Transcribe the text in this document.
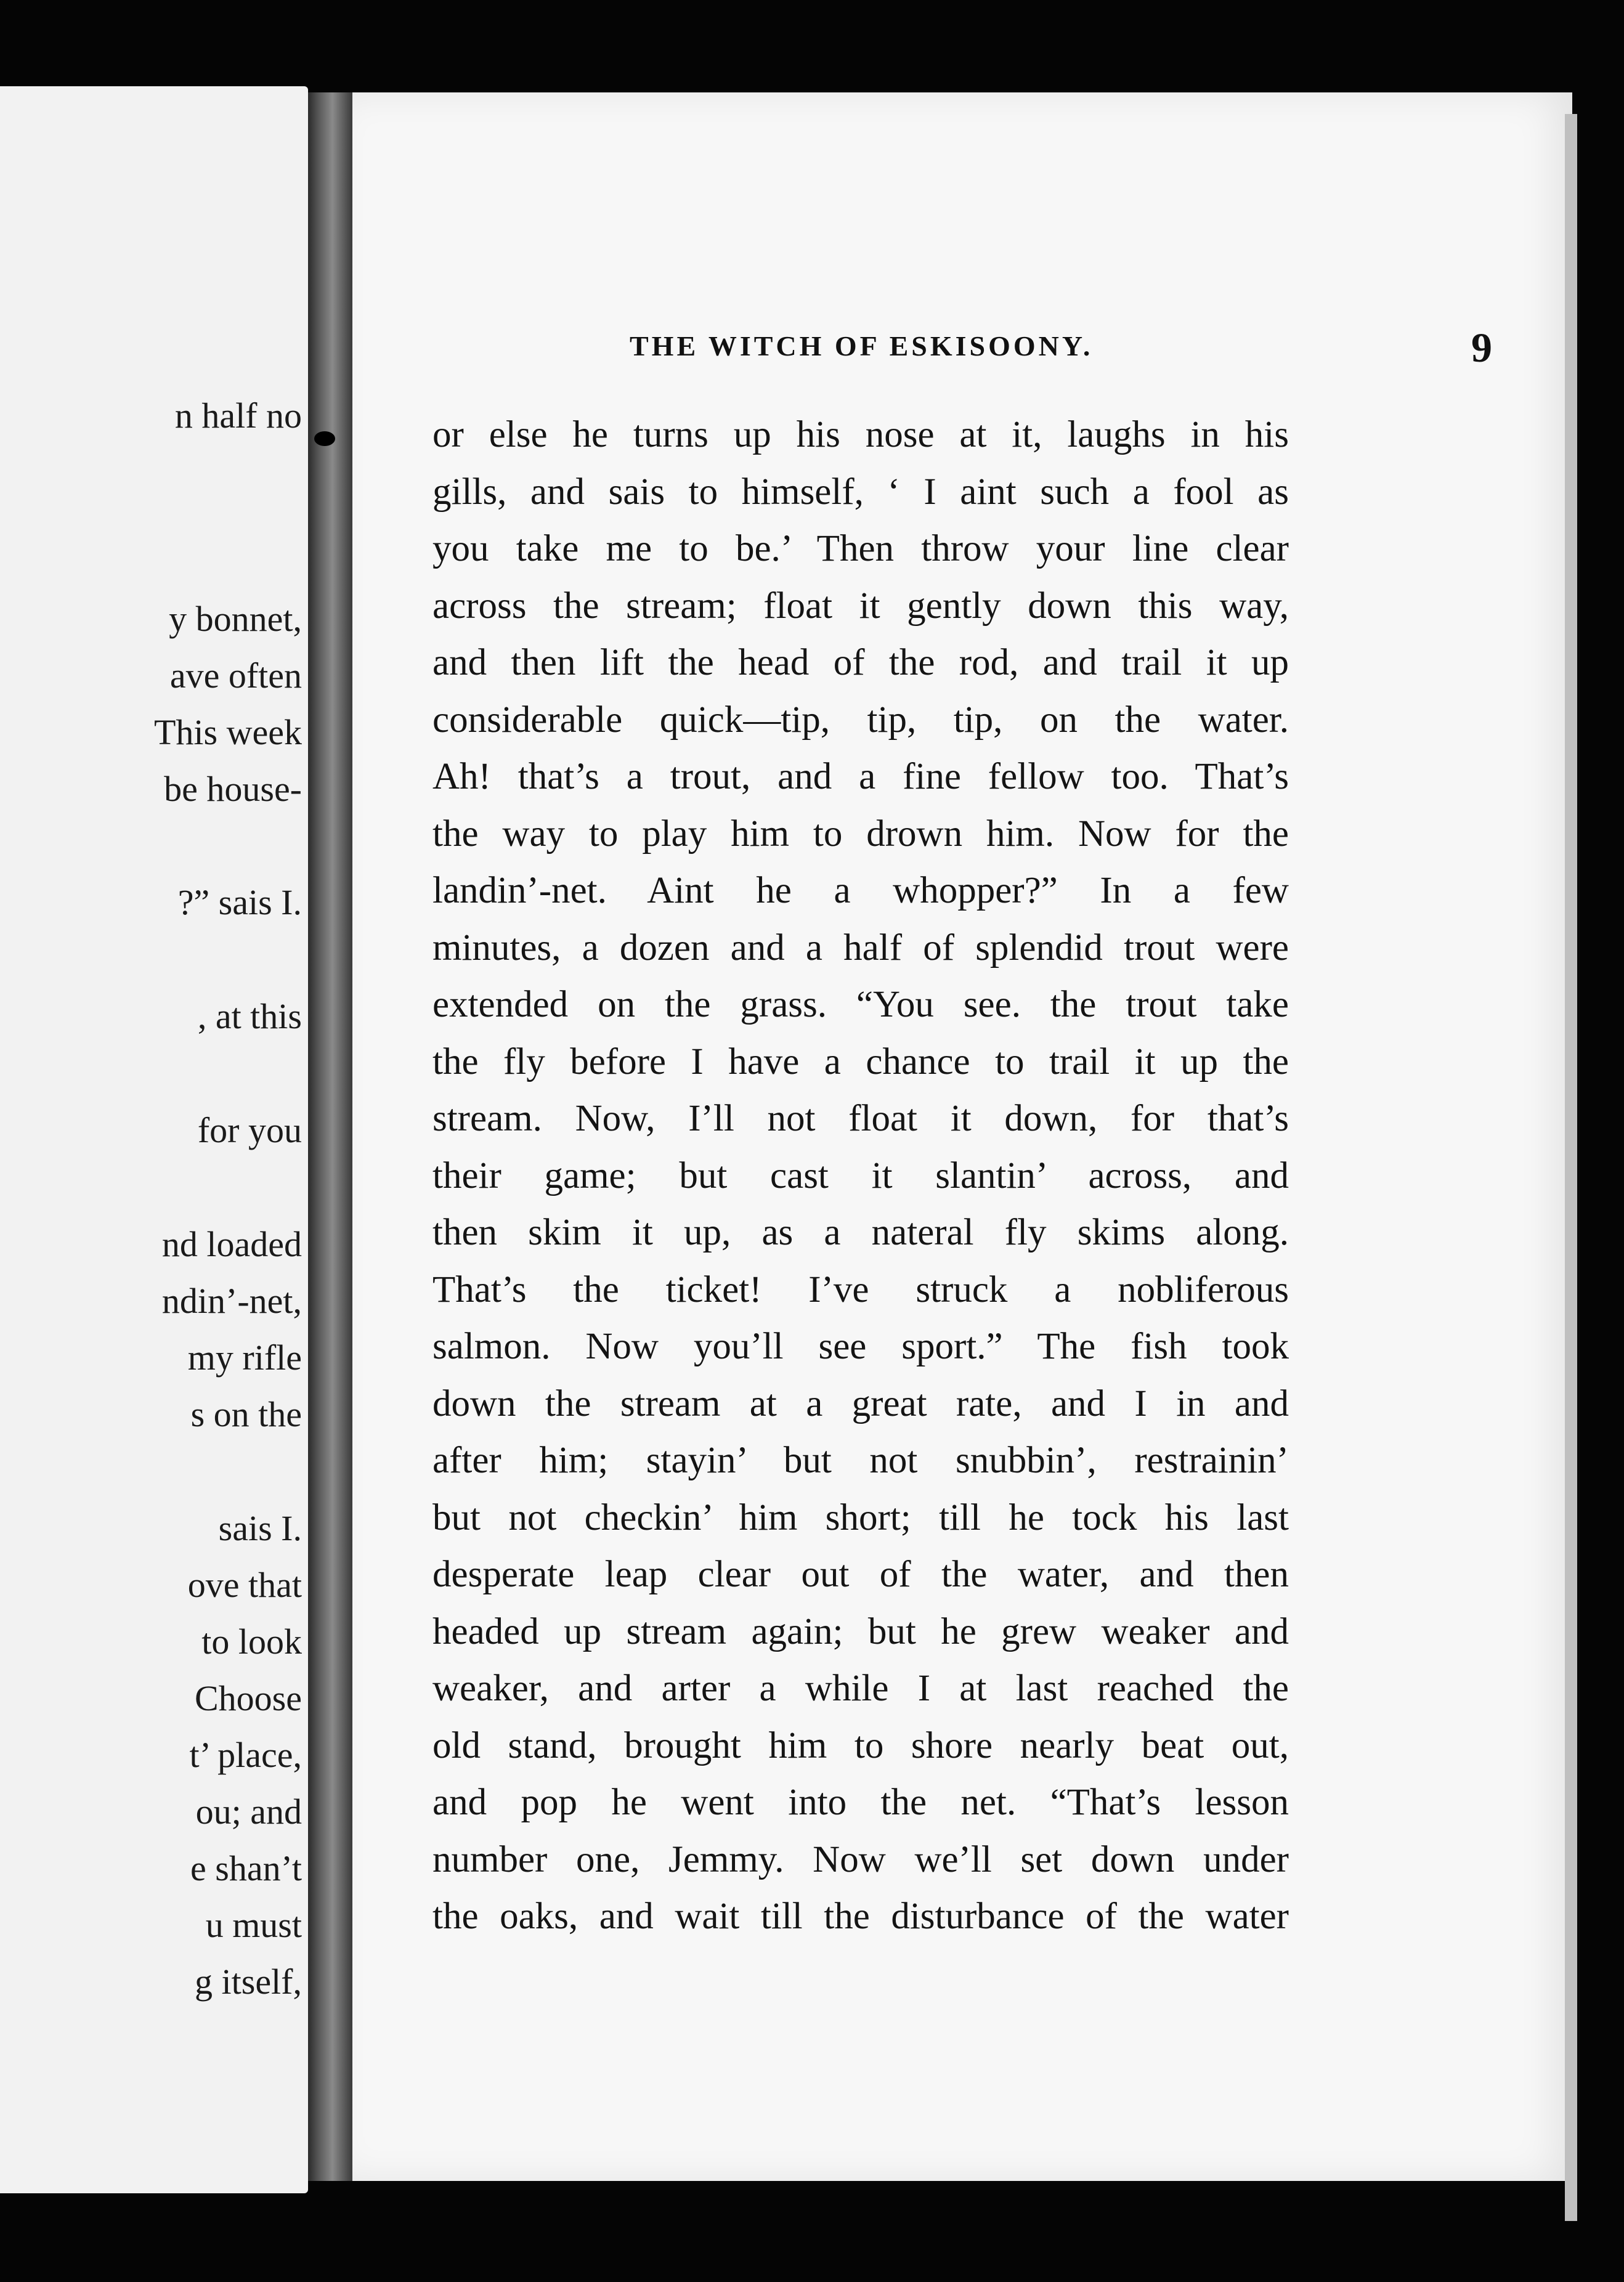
n half no
y bonnet,
ave often
This week
be house-
?” sais I.
, at this
for you
nd loaded
ndin’-net,
my rifle
s on the
sais I.
ove that
to look
Choose
t’ place,
ou; and
e shan’t
u must
g itself,
THE WITCH OF ESKISOONY.	9
or else he turns up his nose at it, laughs in his
gills, and sais to himself, ‘ I aint such a fool as
you take me to be.’ Then throw your line clear
across the stream; float it gently down this way,
and then lift the head of the rod, and trail it up
considerable quick—tip, tip, tip, on the water.
Ah! that’s a trout, and a fine fellow too. That’s
the way to play him to drown him. Now for the
landin’-net. Aint he a whopper?” In a few
minutes, a dozen and a half of splendid trout were
extended on the grass. “You see. the trout take
the fly before I have a chance to trail it up the
stream. Now, I’ll not float it down, for that’s
their game; but cast it slantin’ across, and
then skim it up, as a nateral fly skims along.
That’s the ticket! I’ve struck a nobliferous
salmon. Now you’ll see sport.” The fish took
down the stream at a great rate, and I in and
after him; stayin’ but not snubbin’, restrainin’
but not checkin’ him short; till he tock his last
desperate leap clear out of the water, and then
headed up stream again; but he grew weaker and
weaker, and arter a while I at last reached the
old stand, brought him to shore nearly beat out,
and pop he went into the net. “That’s lesson
number one, Jemmy. Now we’ll set down under
the oaks, and wait till the disturbance of the water
